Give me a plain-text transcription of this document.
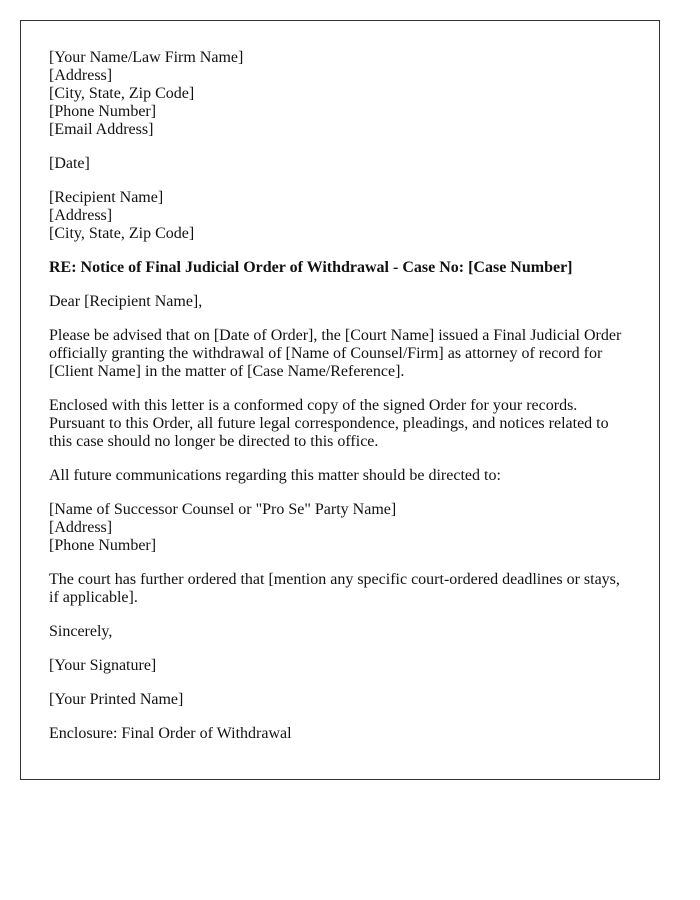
[Your Name/Law Firm Name]
[Address]
[City, State, Zip Code]
[Phone Number]
[Email Address]
[Date]
[Recipient Name]
[Address]
[City, State, Zip Code]
RE: Notice of Final Judicial Order of Withdrawal - Case No: [Case Number]
Dear [Recipient Name],

Please be advised that on [Date of Order], the [Court Name] issued a Final Judicial Order officially granting the withdrawal of [Name of Counsel/Firm] as attorney of record for [Client Name] in the matter of [Case Name/Reference].

Enclosed with this letter is a conformed copy of the signed Order for your records. Pursuant to this Order, all future legal correspondence, pleadings, and notices related to this case should no longer be directed to this office.

All future communications regarding this matter should be directed to:

[Name of Successor Counsel or "Pro Se" Party Name]
[Address]
[Phone Number]

The court has further ordered that [mention any specific court-ordered deadlines or stays, if applicable].

Sincerely,
[Your Signature]
[Your Printed Name]
Enclosure: Final Order of Withdrawal
